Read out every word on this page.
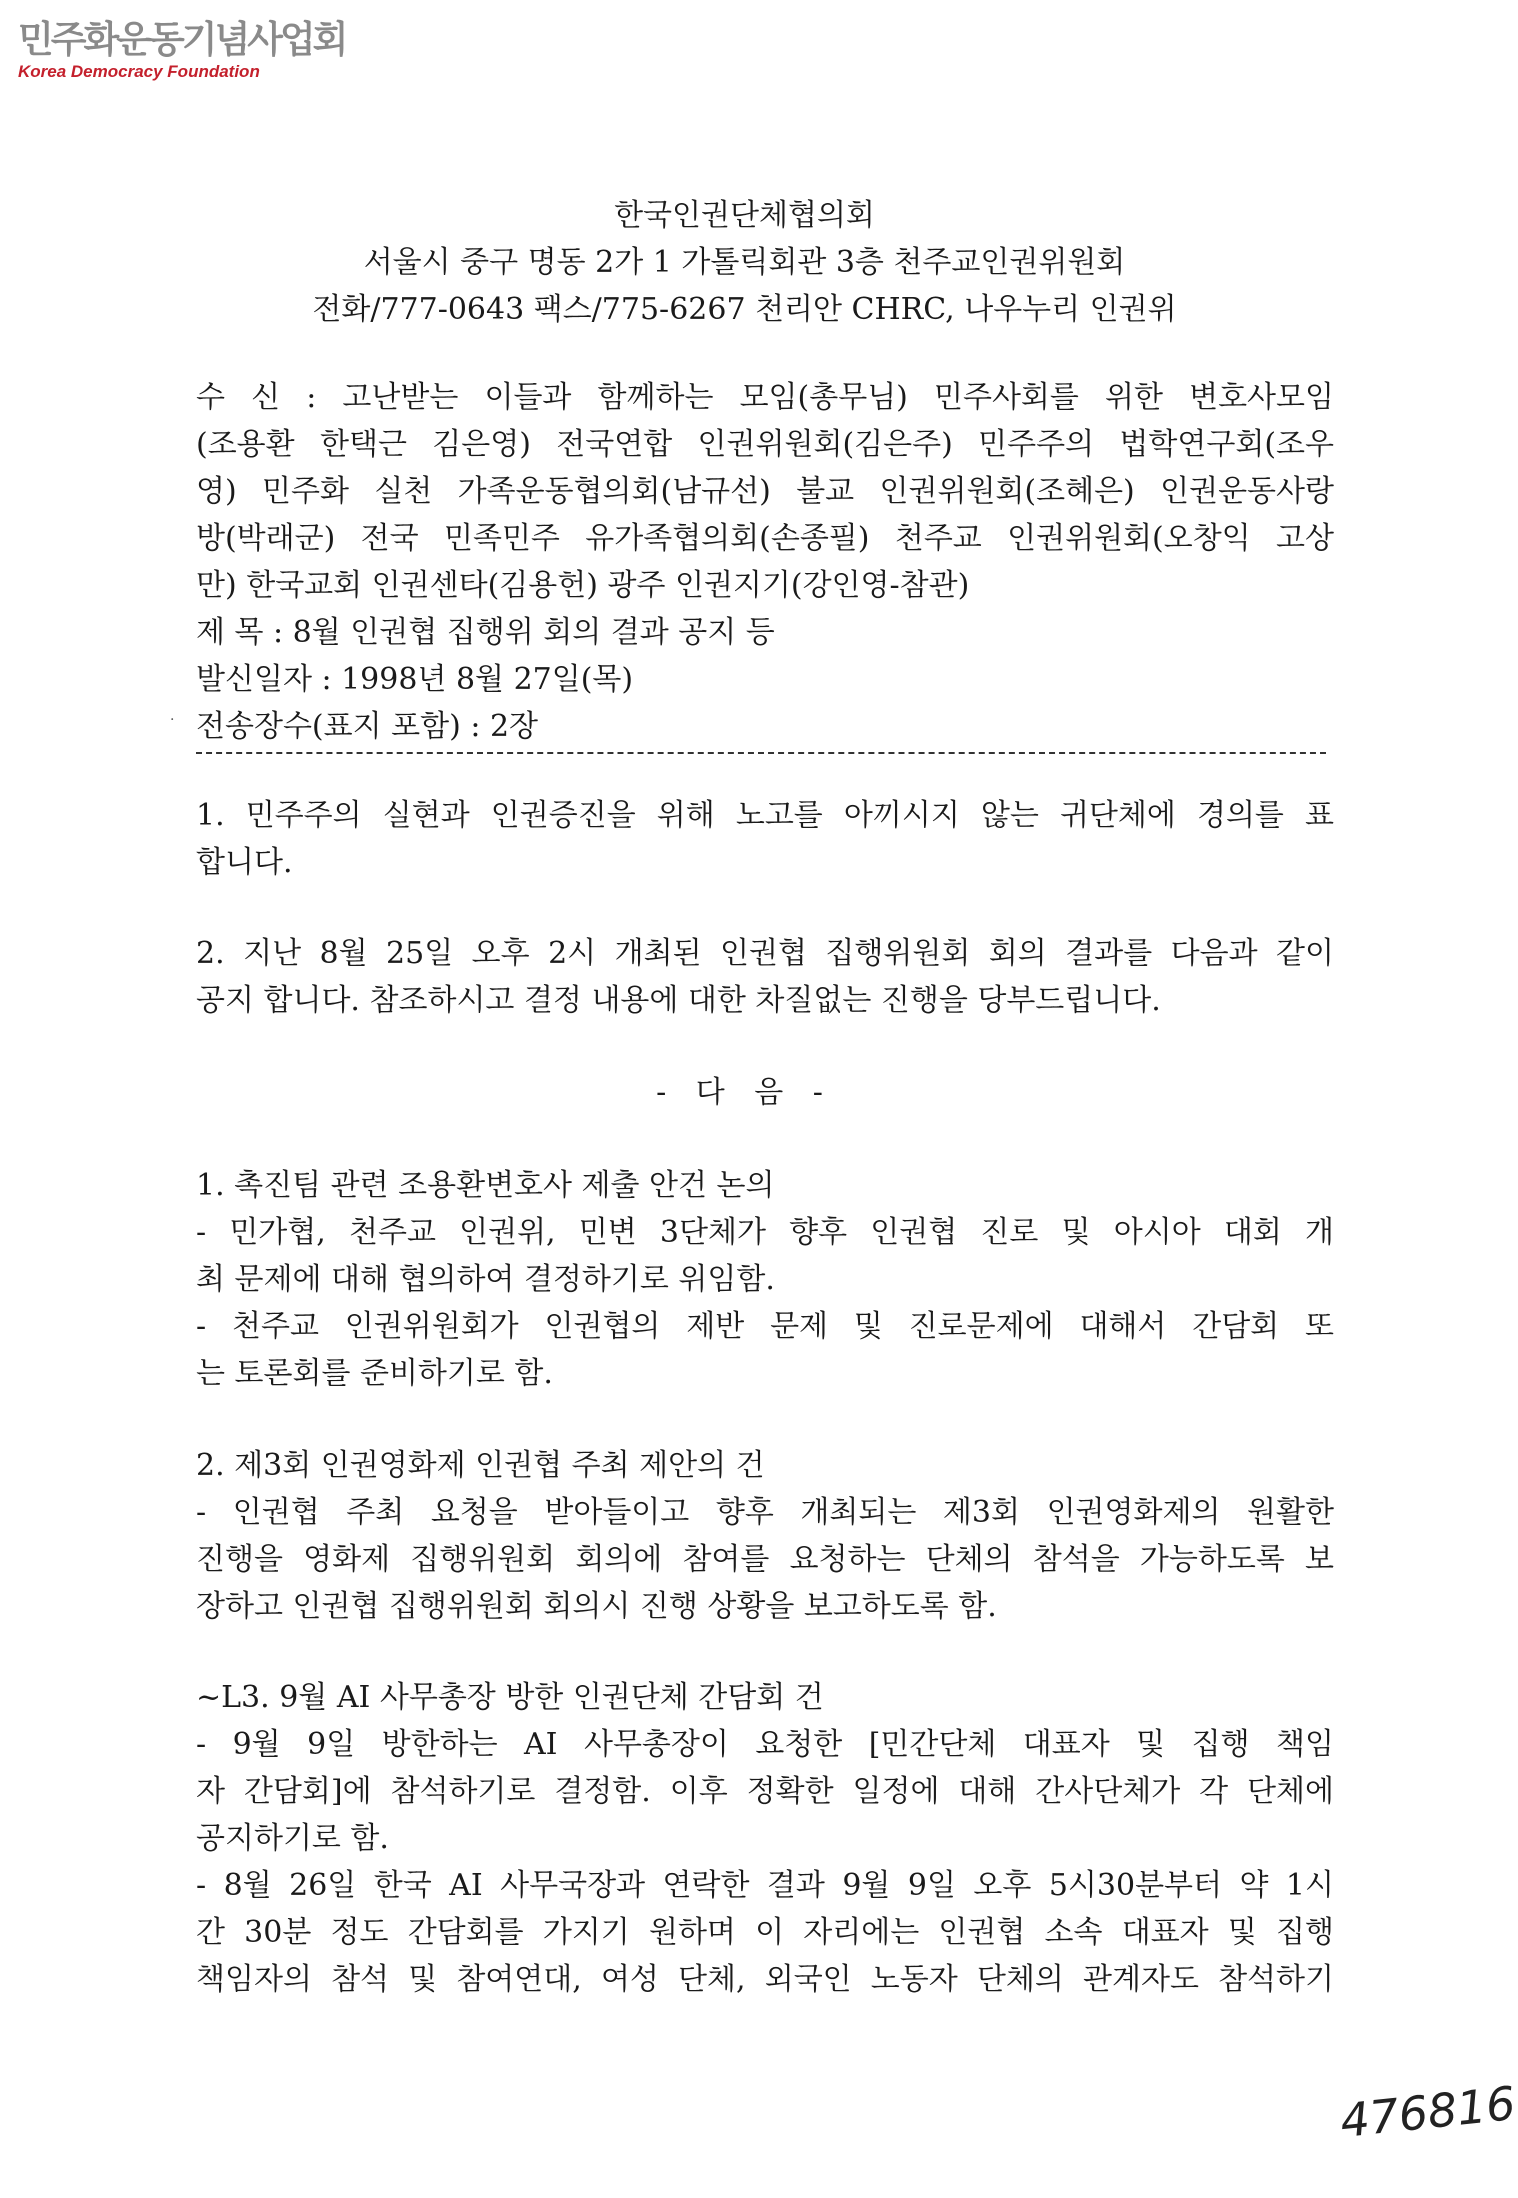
민주화운동기념사업회
Korea Democracy Foundation
한국인권단체협의회
서울시 중구 명동 2가 1 가톨릭회관 3층 천주교인권위원회
전화/777-0643 팩스/775-6267 천리안 CHRC, 나우누리 인권위
수 신 : 고난받는 이들과 함께하는 모임(총무님) 민주사회를 위한 변호사모임
(조용환 한택근 김은영) 전국연합 인권위원회(김은주) 민주주의 법학연구회(조우
영) 민주화 실천 가족운동협의회(남규선) 불교 인권위원회(조혜은) 인권운동사랑
방(박래군) 전국 민족민주 유가족협의회(손종필) 천주교 인권위원회(오창익 고상
만) 한국교회 인권센타(김용헌) 광주 인권지기(강인영-참관)
제 목 : 8월 인권협 집행위 회의 결과 공지 등
발신일자 : 1998년 8월 27일(목)
· 전송장수(표지 포함) : 2장
1. 민주주의 실현과 인권증진을 위해 노고를 아끼시지 않는 귀단체에 경의를 표
합니다.
2. 지난 8월 25일 오후 2시 개최된 인권협 집행위원회 회의 결과를 다음과 같이
공지 합니다. 참조하시고 결정 내용에 대한 차질없는 진행을 당부드립니다.
- 다 음 -
1. 촉진팀 관련 조용환변호사 제출 안건 논의
- 민가협, 천주교 인권위, 민변 3단체가 향후 인권협 진로 및 아시아 대회 개
최 문제에 대해 협의하여 결정하기로 위임함.
- 천주교 인권위원회가 인권협의 제반 문제 및 진로문제에 대해서 간담회 또
는 토론회를 준비하기로 함.
2. 제3회 인권영화제 인권협 주최 제안의 건
- 인권협 주최 요청을 받아들이고 향후 개최되는 제3회 인권영화제의 원활한
진행을 영화제 집행위원회 회의에 참여를 요청하는 단체의 참석을 가능하도록 보
장하고 인권협 집행위원회 회의시 진행 상황을 보고하도록 함.
~L3. 9월 AI 사무총장 방한 인권단체 간담회 건
- 9월 9일 방한하는 AI 사무총장이 요청한 [민간단체 대표자 및 집행 책임
자 간담회]에 참석하기로 결정함. 이후 정확한 일정에 대해 간사단체가 각 단체에
공지하기로 함.
- 8월 26일 한국 AI 사무국장과 연락한 결과 9월 9일 오후 5시30분부터 약 1시
간 30분 정도 간담회를 가지기 원하며 이 자리에는 인권협 소속 대표자 및 집행
책임자의 참석 및 참여연대, 여성 단체, 외국인 노동자 단체의 관계자도 참석하기
476816
